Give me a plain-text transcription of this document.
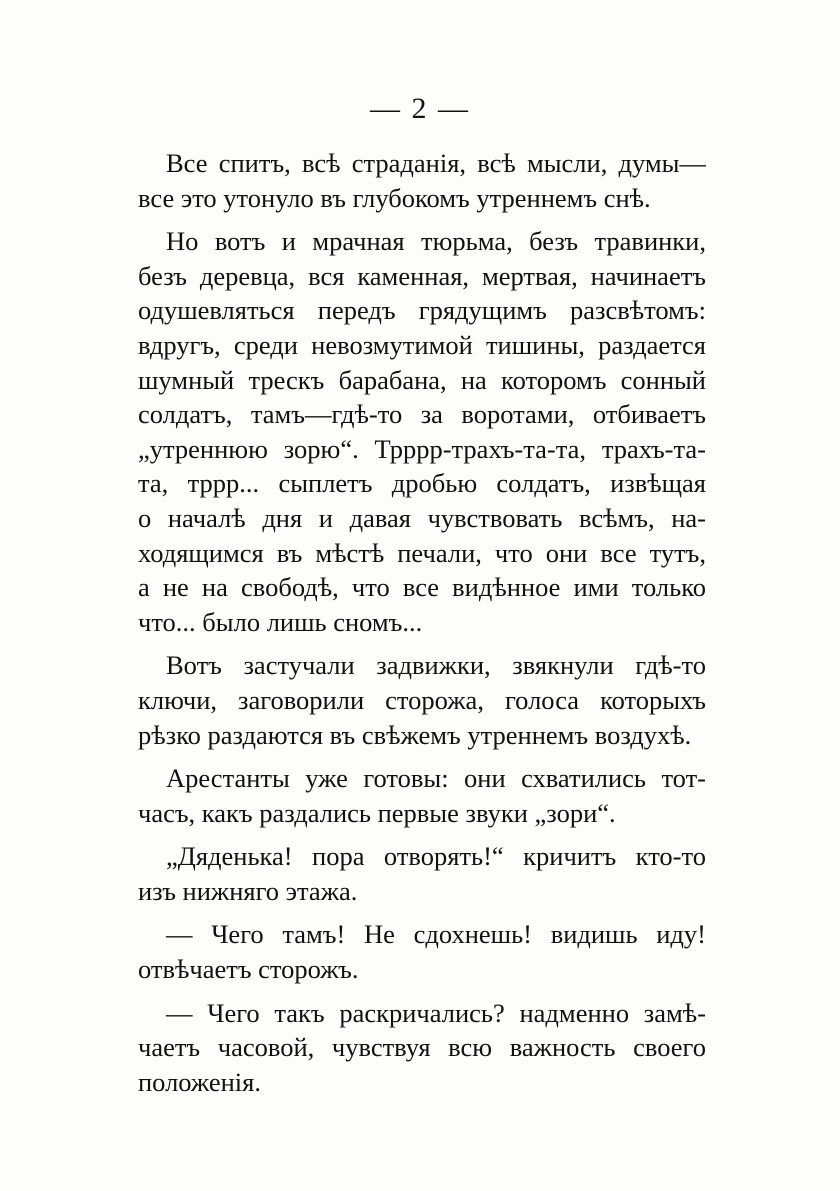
— 2 —
Все спитъ, всѣ страданія, всѣ мысли, думы—
все это утонуло въ глубокомъ утреннемъ снѣ.
Но вотъ и мрачная тюрьма, безъ травинки,
безъ деревца, вся каменная, мертвая, начинаетъ
одушевляться передъ грядущимъ разсвѣтомъ:
вдругъ, среди невозмутимой тишины, раздается
шумный трескъ барабана, на которомъ сонный
солдатъ, тамъ—гдѣ-то за воротами, отбиваетъ
„утреннюю зорю“. Трррр-трахъ-та-та, трахъ-та-
та, тррр... сыплетъ дробью солдатъ, извѣщая
о началѣ дня и давая чувствовать всѣмъ, на-
ходящимся въ мѣстѣ печали, что они все тутъ,
а не на свободѣ, что все видѣнное ими только
что... было лишь сномъ...
Вотъ застучали задвижки, звякнули гдѣ-то
ключи, заговорили сторожа, голоса которыхъ
рѣзко раздаются въ свѣжемъ утреннемъ воздухѣ.
Арестанты уже готовы: они схватились тот-
часъ, какъ раздались первые звуки „зори“.
„Дяденька! пора отворять!“ кричитъ кто-то
изъ нижняго этажа.
— Чего тамъ! Не сдохнешь! видишь иду!
отвѣчаетъ сторожъ.
— Чего такъ раскричались? надменно замѣ-
чаетъ часовой, чувствуя всю важность своего
положенія.
